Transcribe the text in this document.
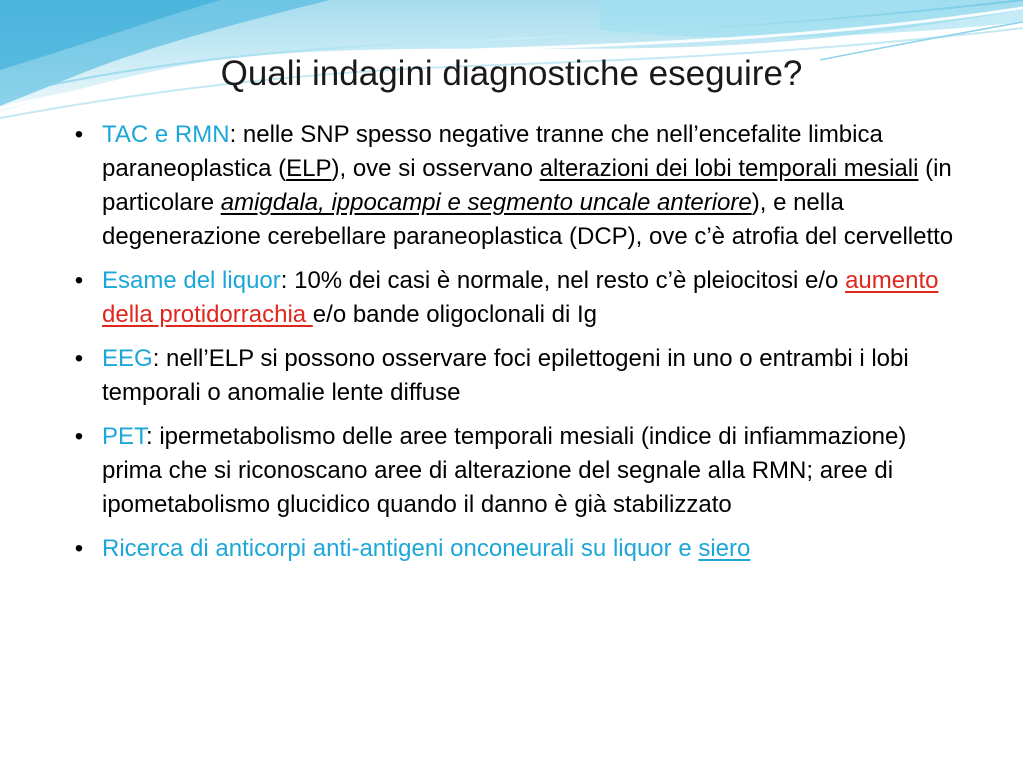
Quali indagini diagnostiche eseguire?
• TAC e RMN: nelle SNP spesso negative tranne che nell’encefalite limbica paraneoplastica (ELP), ove si osservano alterazioni dei lobi temporali mesiali (in particolare amigdala, ippocampi e segmento uncale anteriore), e nella degenerazione cerebellare paraneoplastica (DCP), ove c’è atrofia del cervelletto
• Esame del liquor: 10% dei casi è normale, nel resto c’è pleiocitosi e/o aumento della protidorrachia e/o bande oligoclonali di Ig
• EEG: nell’ELP si possono osservare foci epilettogeni in uno o entrambi i lobi temporali o anomalie lente diffuse
• PET: ipermetabolismo delle aree temporali mesiali (indice di infiammazione) prima che si riconoscano aree di alterazione del segnale alla RMN; aree di ipometabolismo glucidico quando il danno è già stabilizzato
• Ricerca di anticorpi anti-antigeni onconeurali su liquor e siero
